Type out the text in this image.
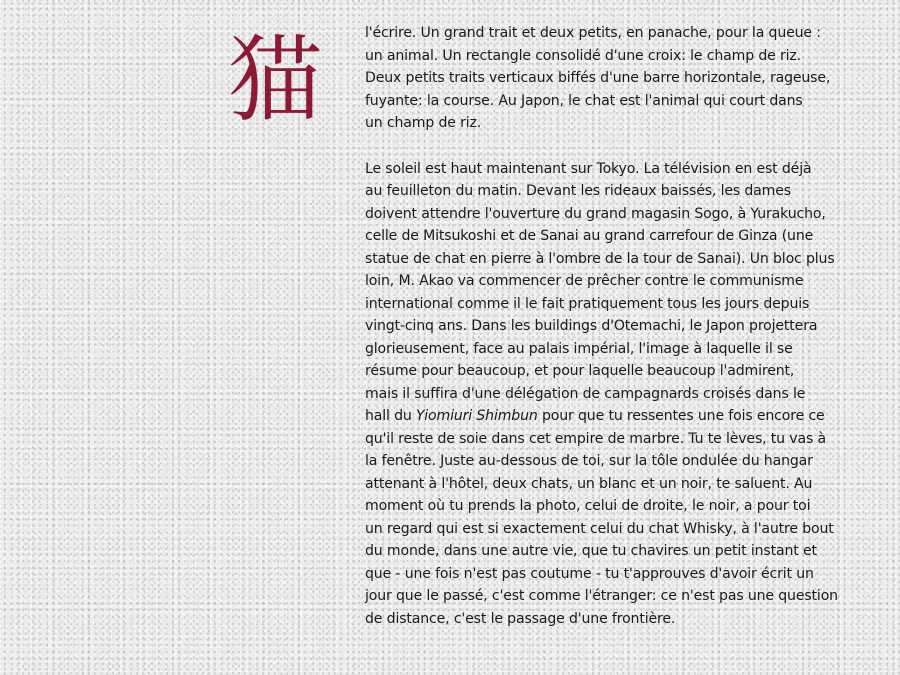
猫	l'écrire. Un grand trait et deux petits, en panache, pour la queue :
un animal. Un rectangle consolidé d'une croix: le champ de riz.
Deux petits traits verticaux biffés d'une barre horizontale, rageuse,
fuyante: la course. Au Japon, le chat est l'animal qui court dans
un champ de riz.
Le soleil est haut maintenant sur Tokyo. La télévision en est déjà
au feuilleton du matin. Devant les rideaux baissés, les dames
doivent attendre l'ouverture du grand magasin Sogo, à Yurakucho,
celle de Mitsukoshi et de Sanai au grand carrefour de Ginza (une
statue de chat en pierre à l'ombre de la tour de Sanai). Un bloc plus
loin, M. Akao va commencer de prêcher contre le communisme
international comme il le fait pratiquement tous les jours depuis
vingt-cinq ans. Dans les buildings d'Otemachi, le Japon projettera
glorieusement, face au palais impérial, l'image à laquelle il se
résume pour beaucoup, et pour laquelle beaucoup l'admirent,
mais il suffira d'une délégation de campagnards croisés dans le
hall du Yiomiuri Shimbun pour que tu ressentes une fois encore ce
qu'il reste de soie dans cet empire de marbre. Tu te lèves, tu vas à
la fenêtre. Juste au-dessous de toi, sur la tôle ondulée du hangar
attenant à l'hôtel, deux chats, un blanc et un noir, te saluent. Au
moment où tu prends la photo, celui de droite, le noir, a pour toi
un regard qui est si exactement celui du chat Whisky, à l'autre bout
du monde, dans une autre vie, que tu chavires un petit instant et
que - une fois n'est pas coutume - tu t'approuves d'avoir écrit un
jour que le passé, c'est comme l'étranger: ce n'est pas une question
de distance, c'est le passage d'une frontière.
